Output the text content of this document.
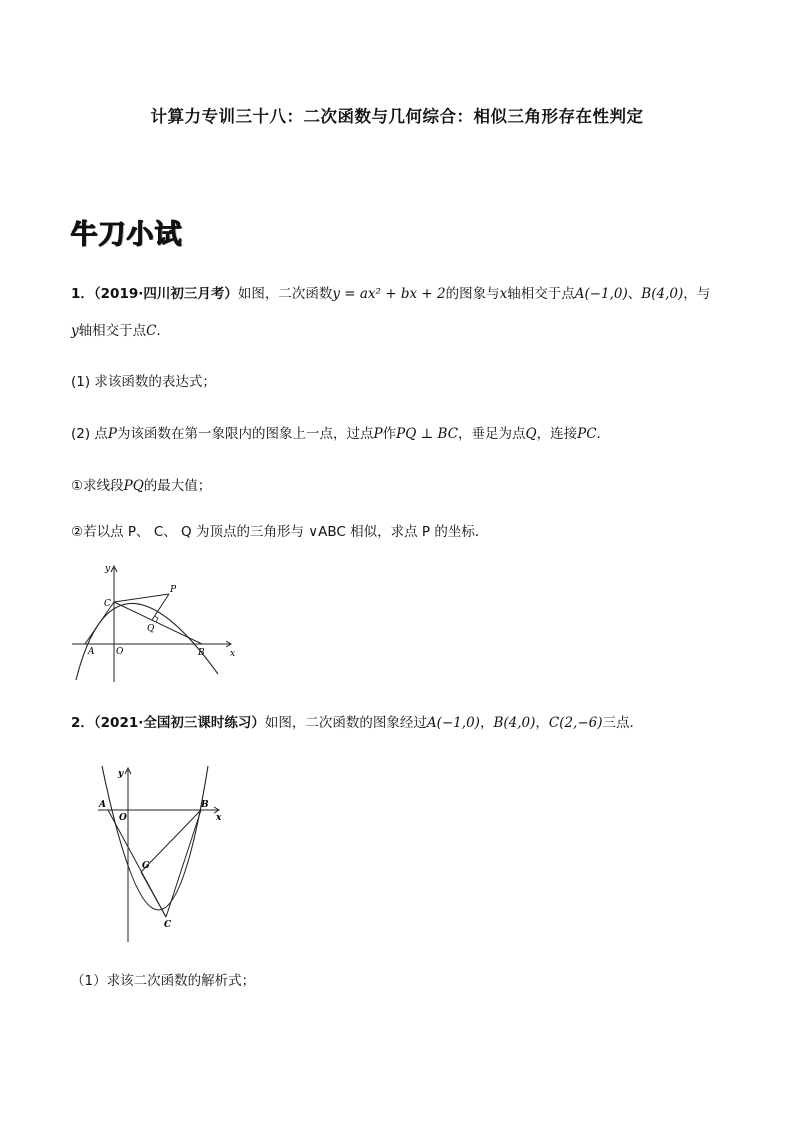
计算力专训三十八：二次函数与几何综合：相似三角形存在性判定
牛刀小试
1．（2019·四川初三月考）如图，二次函数y = ax² + bx + 2的图象与x轴相交于点A(−1,0)、B(4,0)，与
y轴相交于点C．
(1) 求该函数的表达式；
(2) 点P为该函数在第一象限内的图象上一点，过点P作PQ ⊥ BC，垂足为点Q，连接PC．
①求线段PQ的最大值；
②若以点 P、 C、 Q 为顶点的三角形与 ∨ABC 相似，求点 P 的坐标．
y
x
A O	B
C
P
Q
2．（2021·全国初三课时练习）如图，二次函数的图象经过A(−1,0)，B(4,0)，C(2,−6)三点．
y
x
A
O
B
G
C
（1）求该二次函数的解析式；
